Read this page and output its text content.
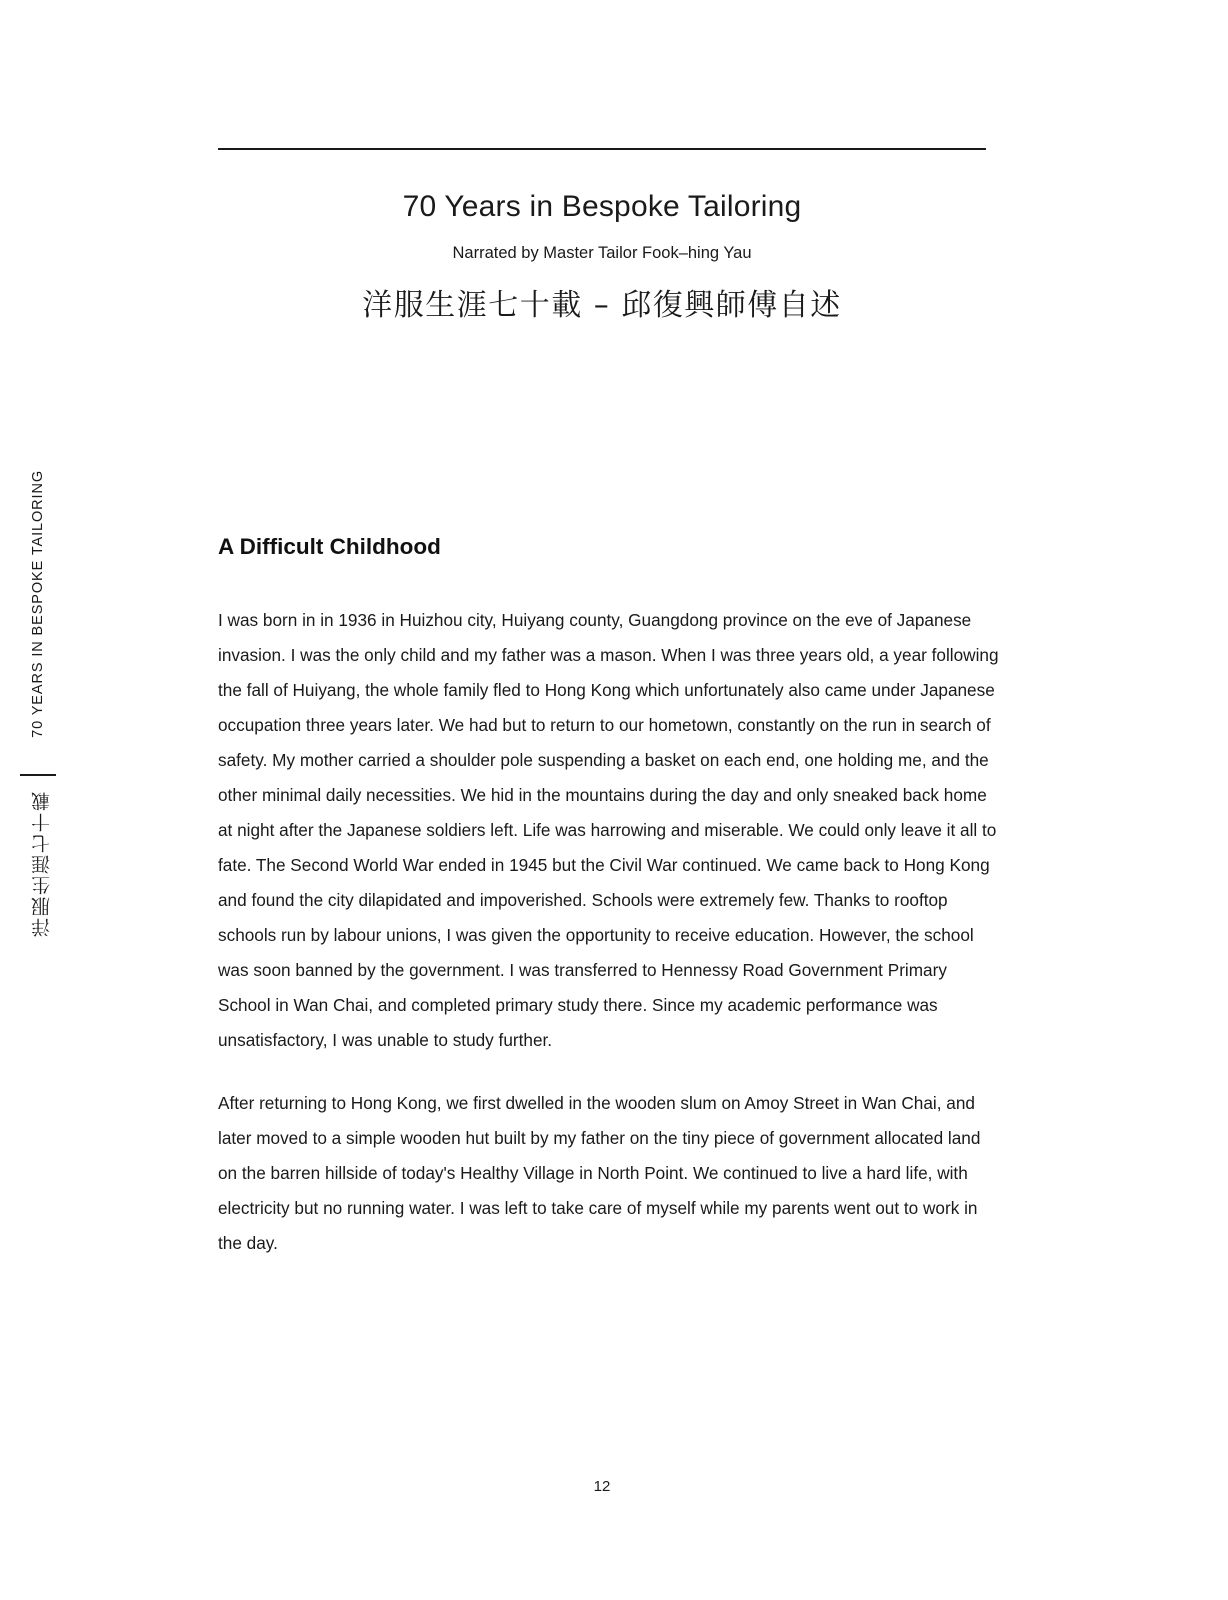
70 YEARS IN BESPOKE TAILORING
洋服生涯七十載
70 Years in Bespoke Tailoring

Narrated by Master Tailor Fook–hing Yau

洋服生涯七十載 – 邱復興師傅自述

A Difficult Childhood

I was born in in 1936 in Huizhou city, Huiyang county, Guangdong province on the eve of Japanese invasion. I was the only child and my father was a mason. When I was three years old, a year following the fall of Huiyang, the whole family fled to Hong Kong which unfortunately also came under Japanese occupation three years later. We had but to return to our hometown, constantly on the run in search of safety. My mother carried a shoulder pole suspending a basket on each end, one holding me, and the other minimal daily necessities. We hid in the mountains during the day and only sneaked back home at night after the Japanese soldiers left. Life was harrowing and miserable. We could only leave it all to fate. The Second World War ended in 1945 but the Civil War continued. We came back to Hong Kong and found the city dilapidated and impoverished. Schools were extremely few. Thanks to rooftop schools run by labour unions, I was given the opportunity to receive education. However, the school was soon banned by the government. I was transferred to Hennessy Road Government Primary School in Wan Chai, and completed primary study there. Since my academic performance was unsatisfactory, I was unable to study further.

After returning to Hong Kong, we first dwelled in the wooden slum on Amoy Street in Wan Chai, and later moved to a simple wooden hut built by my father on the tiny piece of government allocated land on the barren hillside of today's Healthy Village in North Point. We continued to live a hard life, with electricity but no running water. I was left to take care of myself while my parents went out to work in the day.

12
